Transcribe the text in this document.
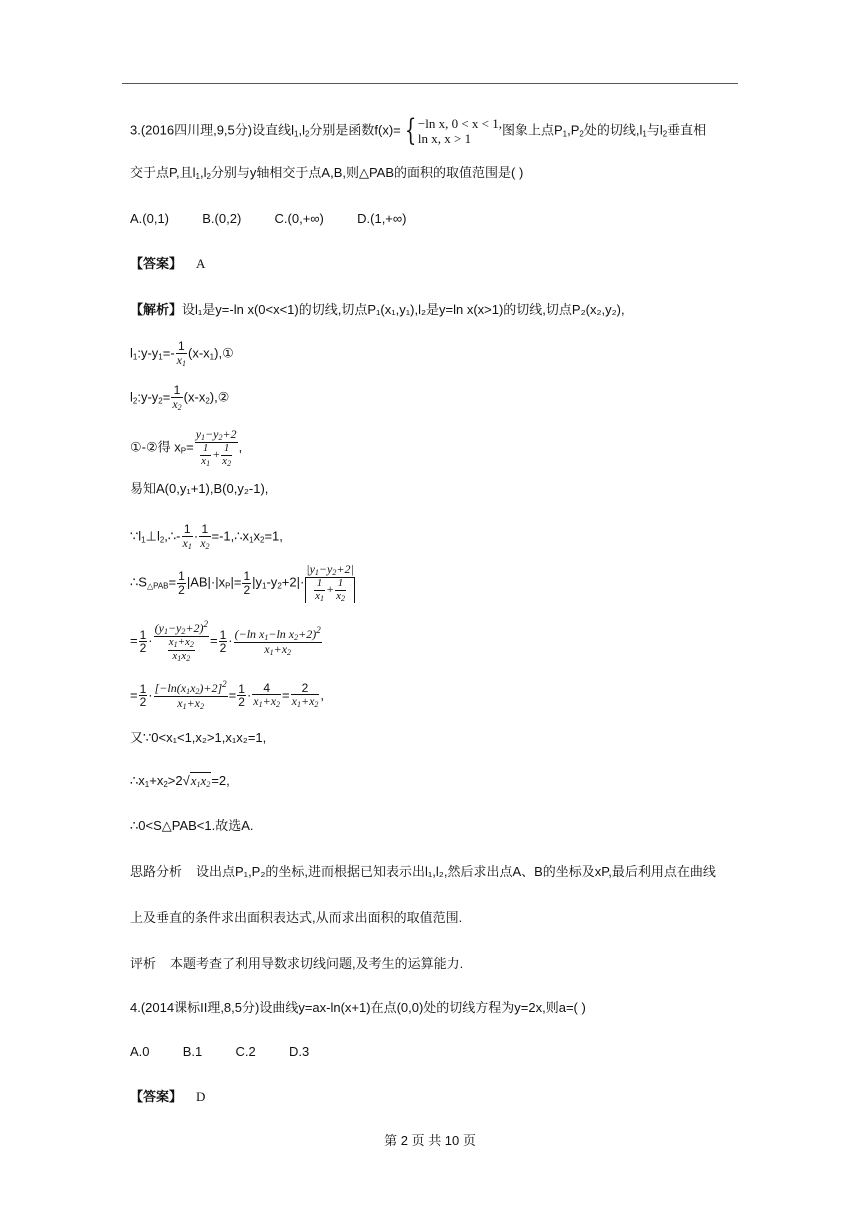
3.(2016四川理,9,5分)设直线$l_1,l_2$分别是函数f(x)= { −ln x, 0 < x < 1,
ln x, x > 1
图象上点$P_1,P_2$处的切线$,l_1$与$l_2$垂直相
交于点P,且$l_1,l_2$分别与y轴相交于点A,B,则△PAB的面积的取值范围是( )
A.(0,1)	B.(0,2)	C.(0,+∞)	D.(1,+∞)
【答案】 A
【解析】设l₁是y=-ln x(0<x<1)的切线,切点P₁(x₁,y₁),l₂是y=ln x(x>1)的切线,切点P₂(x₂,y₂),
$l_1:y-y_1=- \frac{1}{x_1}$ $(x-x_1),①$
$l_2:y-y_2= \frac{1}{x_2}$ $(x-x_2),②$
①-②得 $x_P= \frac{y_1-y_2+2}{\frac{1}{x_1} + \frac{1}{x_2}}$ ,
易知A(0,y₁+1),B(0,y₂-1),
$\because l_1\perp l_2,\therefore- \frac{1}{x_1} \cdot \frac{1}{x_2}$ $=-1,\therefore x_1x_2=1$,
$\therefore S_{\triangle PAB}= \frac{1}{2} |AB|\cdot|x_P|= \frac{1}{2} |y_1-y_2+2|\cdot \frac{|y_1-y_2+2|}{\frac{1}{x_1} + \frac{1}{x_2}}$
= $\frac{1}{2} \cdot \frac{(y_1-y_2+2)^2}{\frac{x_1+x_2}{x_1x_2}} = \frac{1}{2} \cdot \frac{(-\ln x_1-\ln x_2+2)^2}{x_1+x_2}$
= $\frac{1}{2} \cdot \frac{[-\ln(x_1x_2)+2]^2}{x_1+x_2} = \frac{1}{2} \cdot \frac{4}{x_1+x_2} = \frac{2}{x_1+x_2}$ ,
又∵0<x₁<1,x₂>1,x₁x₂=1,
$\therefore x_1+x_2>2√x_1x_2=2$,
∴0<S△PAB<1.故选A.
思路分析 设出点P₁,P₂的坐标,进而根据已知表示出l₁,l₂,然后求出点A、B的坐标及xP,最后利用点在曲线
上及垂直的条件求出面积表达式,从而求出面积的取值范围.
评析 本题考查了利用导数求切线问题,及考生的运算能力.
4.(2014课标II理,8,5分)设曲线y=ax-ln(x+1)在点(0,0)处的切线方程为y=2x,则a=( )
A.0	B.1	C.2	D.3
【答案】 D
第 2 页 共 10 页
